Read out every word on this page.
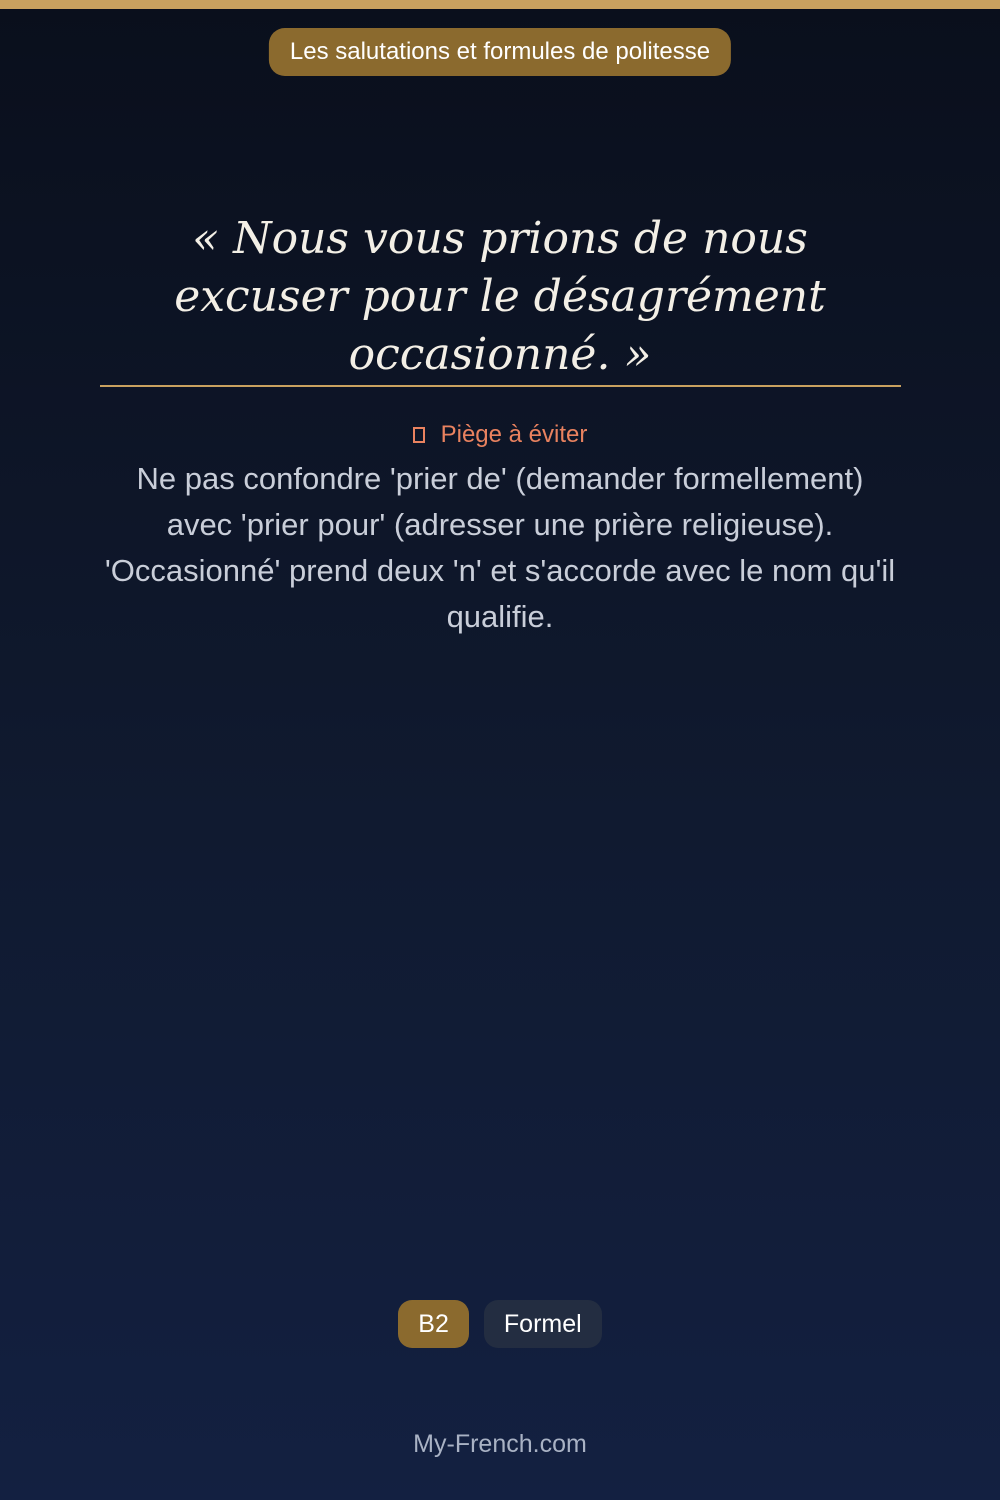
Les salutations et formules de politesse
« Nous vous prions de nous excuser pour le désagrément occasionné. »
Piège à éviter

Ne pas confondre 'prier de' (demander formellement) avec 'prier pour' (adresser une prière religieuse). 'Occasionné' prend deux 'n' et s'accorde avec le nom qu'il qualifie.

B2	Formel
My-French.com
